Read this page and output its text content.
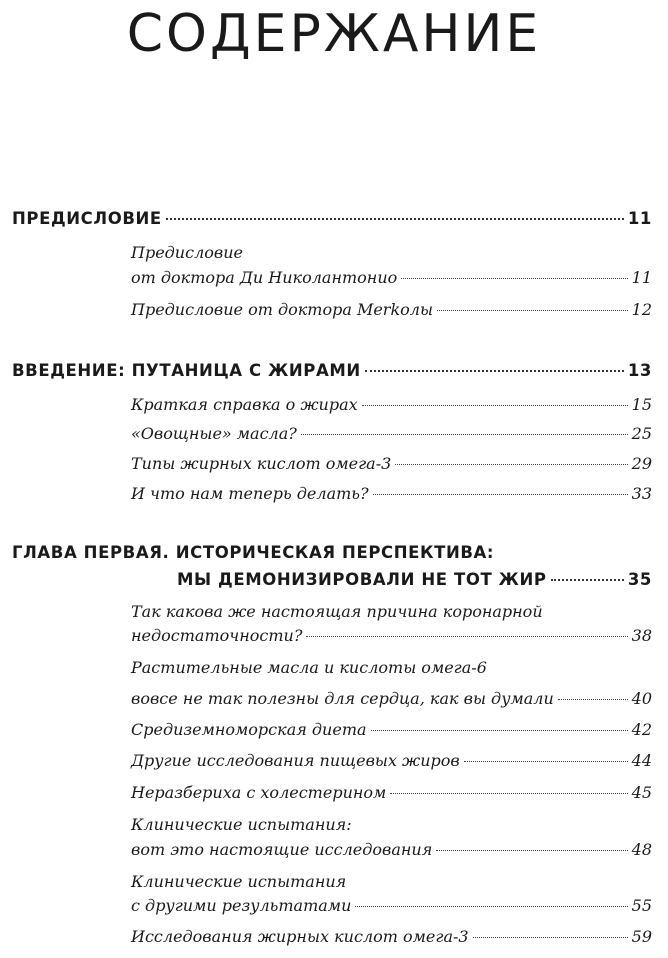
СОДЕРЖАНИЕ
ПРЕДИСЛОВИЕ	11
Предисловие
от доктора Ди Николантонио	11
Предисловие от доктора Merkолы	12
ВВЕДЕНИЕ: ПУТАНИЦА С ЖИРАМИ	13
Краткая справка о жирах	15
«Овощные» масла?	25
Типы жирных кислот омега-3	29
И что нам теперь делать?	33
ГЛАВА ПЕРВАЯ. ИСТОРИЧЕСКАЯ ПЕРСПЕКТИВА:
МЫ ДЕМОНИЗИРОВАЛИ НЕ ТОТ ЖИР	35
Так какова же настоящая причина коронарной
недостаточности?	38
Растительные масла и кислоты омега-6
вовсе не так полезны для сердца, как вы думали	40
Средиземноморская диета	42
Другие исследования пищевых жиров	44
Неразбериха с холестерином	45
Клинические испытания:
вот это настоящие исследования	48
Клинические испытания
с другими результатами	55
Исследования жирных кислот омега-3	59
